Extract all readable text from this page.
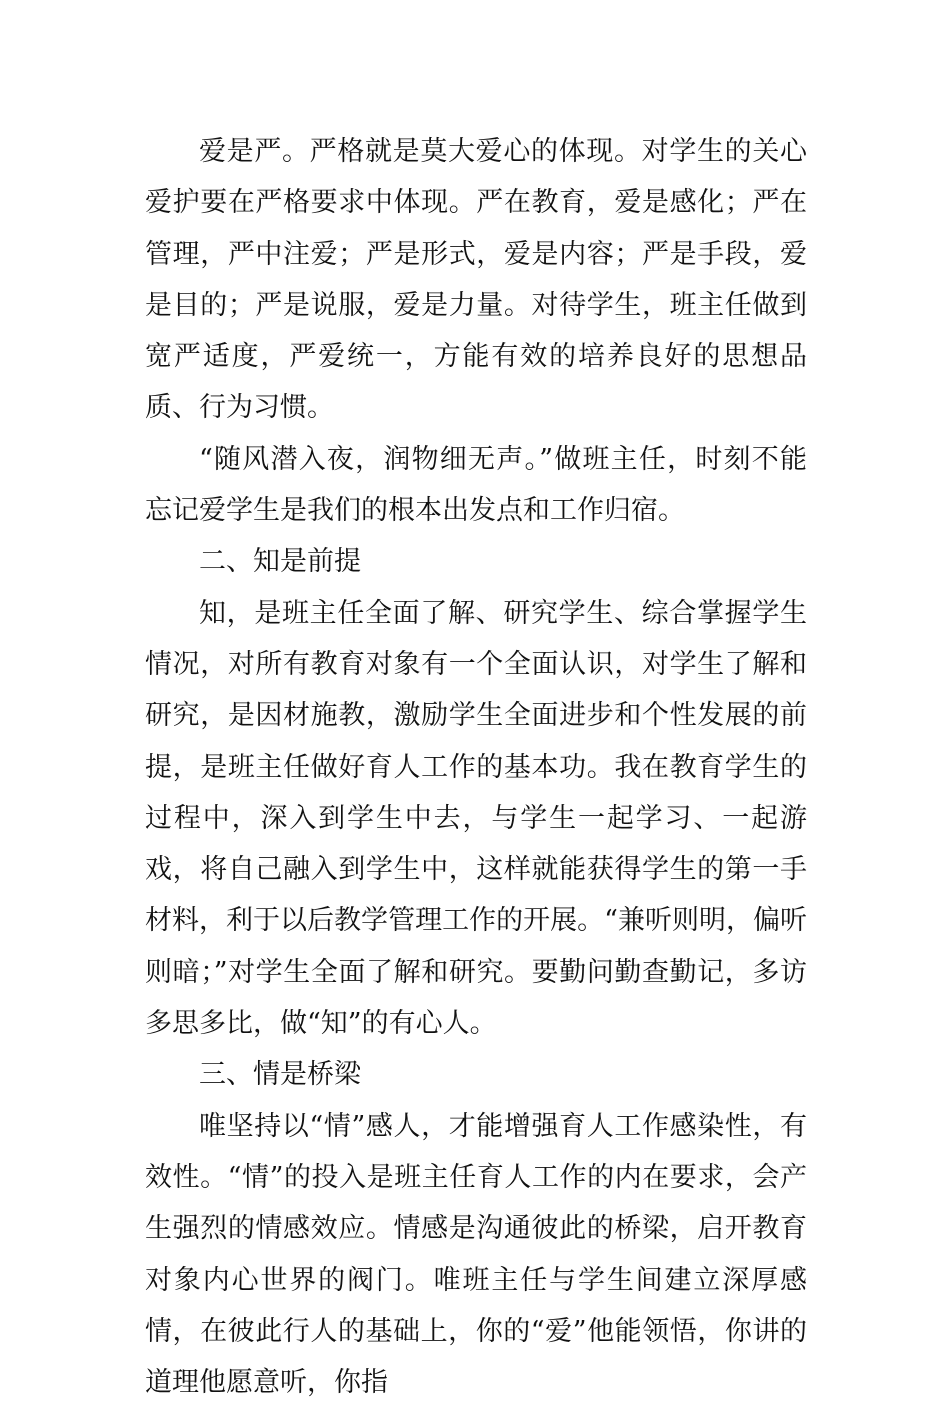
爱是严。严格就是莫大爱心的体现。对学生的关心爱护要在严格要求中体现。严在教育，爱是感化；严在管理，严中注爱；严是形式，爱是内容；严是手段，爱是目的；严是说服，爱是力量。对待学生，班主任做到宽严适度，严爱统一，方能有效的培养良好的思想品质、行为习惯。

“随风潜入夜，润物细无声。”做班主任，时刻不能忘记爱学生是我们的根本出发点和工作归宿。

二、知是前提

知，是班主任全面了解、研究学生、综合掌握学生情况，对所有教育对象有一个全面认识，对学生了解和研究，是因材施教，激励学生全面进步和个性发展的前提，是班主任做好育人工作的基本功。我在教育学生的过程中，深入到学生中去，与学生一起学习、一起游戏，将自己融入到学生中，这样就能获得学生的第一手材料，利于以后教学管理工作的开展。“兼听则明，偏听则暗；”对学生全面了解和研究。要勤问勤查勤记，多访多思多比，做“知”的有心人。

三、情是桥梁

唯坚持以“情”感人，才能增强育人工作感染性，有效性。“情”的投入是班主任育人工作的内在要求，会产生强烈的情感效应。情感是沟通彼此的桥梁，启开教育对象内心世界的阀门。唯班主任与学生间建立深厚感情，在彼此行人的基础上，你的“爱”他能领悟，你讲的道理他愿意听，你指
